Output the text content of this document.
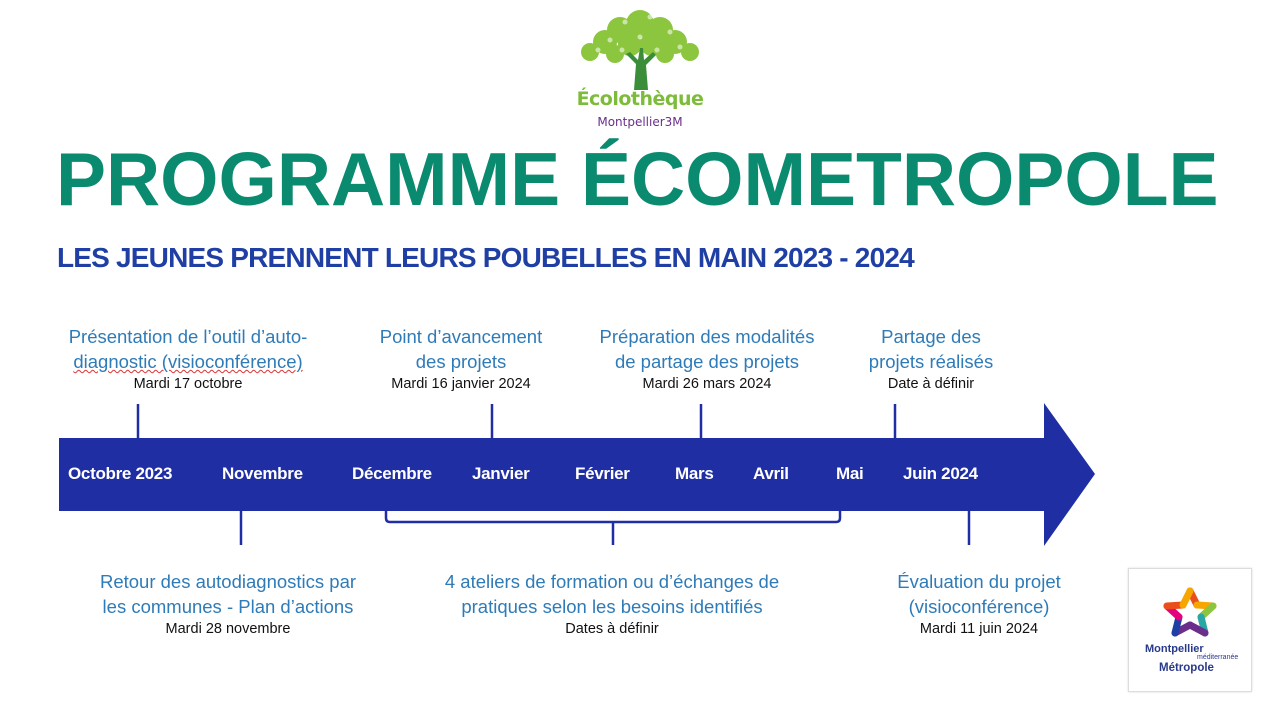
Écolothèque
Montpellier3M
PROGRAMME ÉCOMETROPOLE
LES JEUNES PRENNENT LEURS POUBELLES EN MAIN 2023 - 2024
Octobre 2023	Novembre	Décembre Janvier	Février	Mars Avril	Mai Juin 2024
Présentation de l’outil d’auto-
diagnostic (visioconférence)
Mardi 17 octobre
Point d’avancement
des projets
Mardi 16 janvier 2024
Préparation des modalités
de partage des projets
Mardi 26 mars 2024
Partage des
projets réalisés
Date à définir
Retour des autodiagnostics par
les communes - Plan d’actions
Mardi 28 novembre
4 ateliers de formation ou d’échanges de
pratiques selon les besoins identifiés
Dates à définir
Évaluation du projet
(visioconférence)
Mardi 11 juin 2024
Montpellier
méditerranée
Métropole
